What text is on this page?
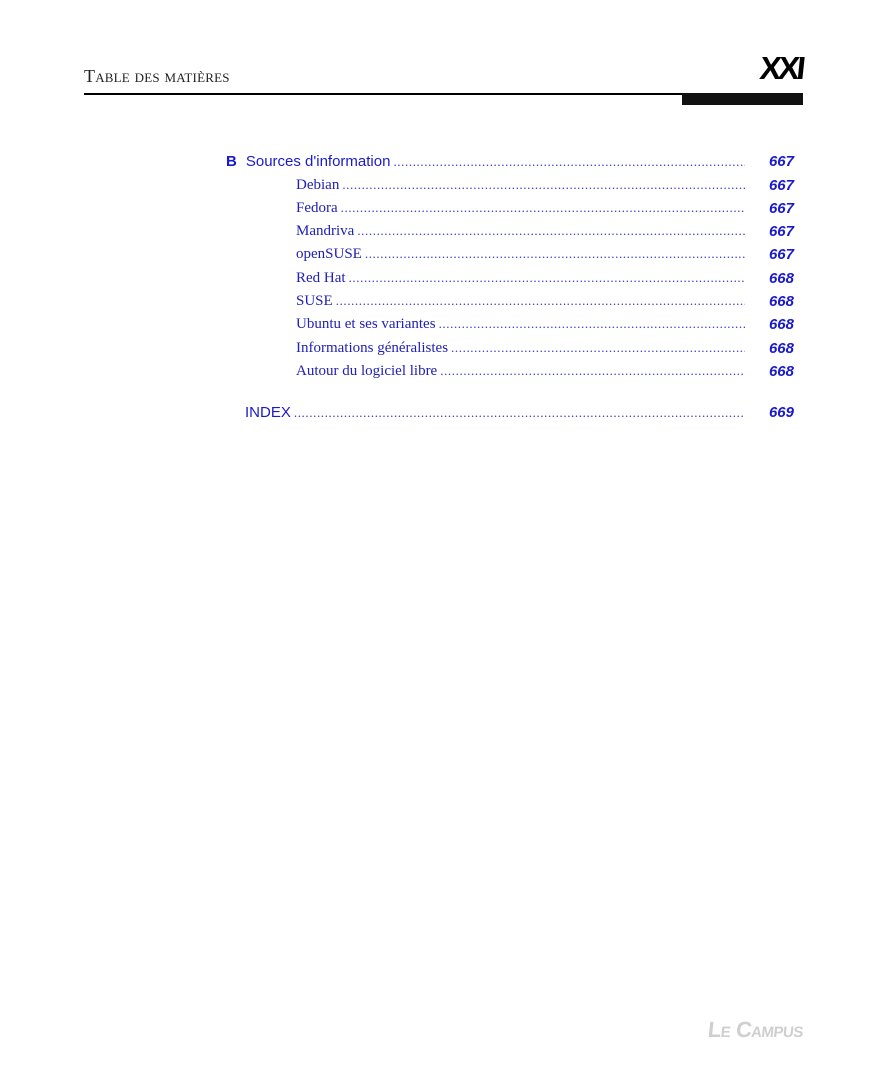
Table des matières	XXI
B Sources d'information .....	667
Debian .....	667
Fedora .....	667
Mandriva .....	667
openSUSE .....	667
Red Hat .....	668
SUSE .....	668
Ubuntu et ses variantes .....	668
Informations généralistes .....	668
Autour du logiciel libre .....	668
INDEX .....	669
Le Campus
